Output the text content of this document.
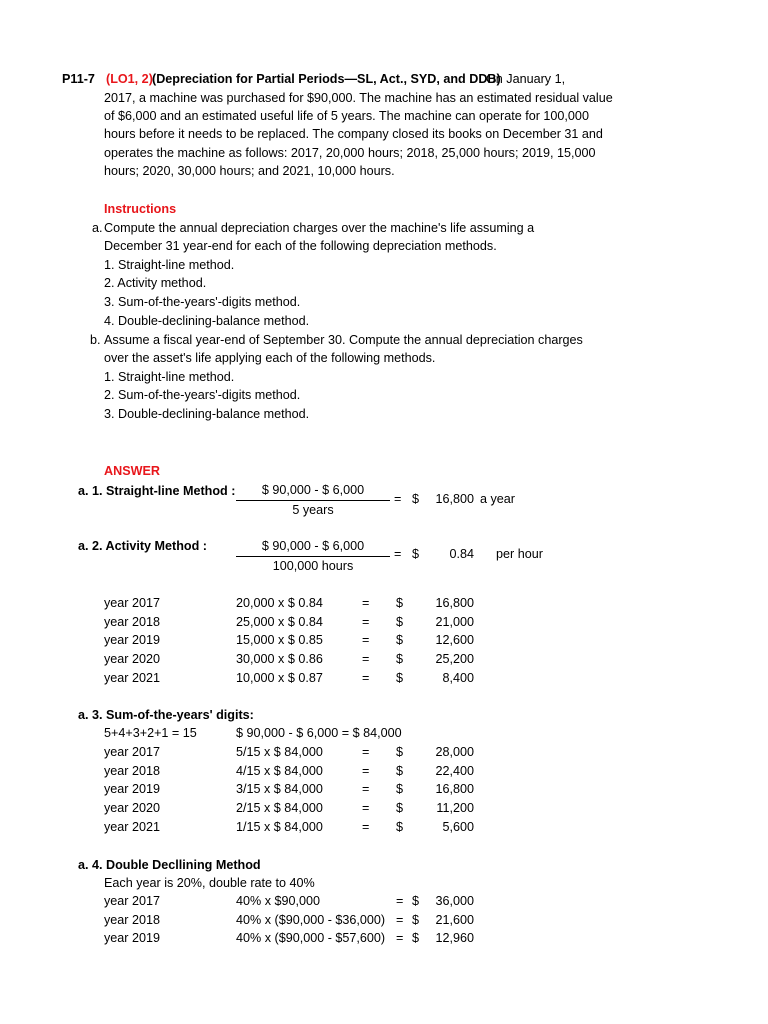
P11-7 (LO1, 2) (Depreciation for Partial Periods—SL, Act., SYD, and DDB)
On January 1,
2017, a machine was purchased for $90,000. The machine has an estimated residual value
of $6,000 and an estimated useful life of 5 years. The machine can operate for 100,000
hours before it needs to be replaced. The company closed its books on December 31 and
operates the machine as follows: 2017, 20,000 hours; 2018, 25,000 hours; 2019, 15,000
hours; 2020, 30,000 hours; and 2021, 10,000 hours.
Instructions
a. Compute the annual depreciation charges over the machine's life assuming a
December 31 year-end for each of the following depreciation methods.
1. Straight-line method.
2. Activity method.
3. Sum-of-the-years'-digits method.
4. Double-declining-balance method.
b. Assume a fiscal year-end of September 30. Compute the annual depreciation charges
over the asset's life applying each of the following methods.
1. Straight-line method.
2. Sum-of-the-years'-digits method.
3. Double-declining-balance method.
ANSWER
a. 1. Straight-line Method :	$ 90,000 - $ 6,000
5 years
= $	16,800 a year
a. 2. Activity Method :	$ 90,000 - $ 6,000
100,000 hours
= $	0.84 per hour
year 2017	20,000 x $ 0.84	= $	16,800
year 2018	25,000 x $ 0.84	= $	21,000
year 2019	15,000 x $ 0.85	= $	12,600
year 2020	30,000 x $ 0.86	= $	25,200
year 2021	10,000 x $ 0.87	= $	8,400
a. 3. Sum-of-the-years' digits:
5+4+3+2+1 = 15	$ 90,000 - $ 6,000 = $ 84,000
year 2017	5/15 x $ 84,000	= $	28,000
year 2018	4/15 x $ 84,000	= $	22,400
year 2019	3/15 x $ 84,000	= $	16,800
year 2020	2/15 x $ 84,000	= $	11,200
year 2021	1/15 x $ 84,000	= $	5,600
a. 4. Double Decllining Method
Each year is 20%, double rate to 40%
year 2017	40% x $90,000	= $	36,000
year 2018	40% x ($90,000 - $36,000) = $	21,600
year 2019	40% x ($90,000 - $57,600) = $	12,960
